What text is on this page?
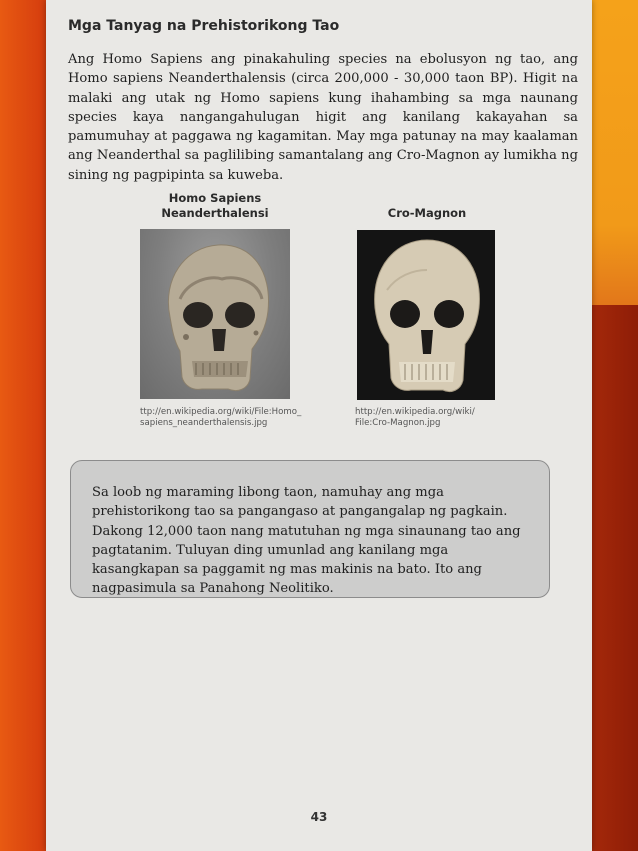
Mga Tanyag na Prehistorikong Tao

Ang Homo Sapiens ang pinakahuling species na ebolusyon ng tao, ang Homo sapiens Neanderthalensis (circa 200,000 - 30,000 taon BP). Higit na malaki ang utak ng Homo sapiens kung ihahambing sa mga naunang species kaya nangangahulugan higit ang kanilang kakayahan sa pamumuhay at paggawa ng kagamitan. May mga patunay na may kaalaman ang Neanderthal sa paglilibing samantalang ang Cro-Magnon ay lumikha ng sining ng pagpipinta sa kuweba.

Homo Sapiens
Neanderthalensi
ttp://en.wikipedia.org/wiki/File:Homo_
sapiens_neanderthalensis.jpg
Cro-Magnon
http://en.wikipedia.org/wiki/
File:Cro-Magnon.jpg

Sa loob ng maraming libong taon, namuhay ang mga prehistorikong tao sa pangangaso at pangangalap ng pagkain. Dakong 12,000 taon nang matutuhan ng mga sinaunang tao ang pagtatanim. Tuluyan ding umunlad ang kanilang mga kasangkapan sa paggamit ng mas makinis na bato. Ito ang nagpasimula sa Panahong Neolitiko.

43
